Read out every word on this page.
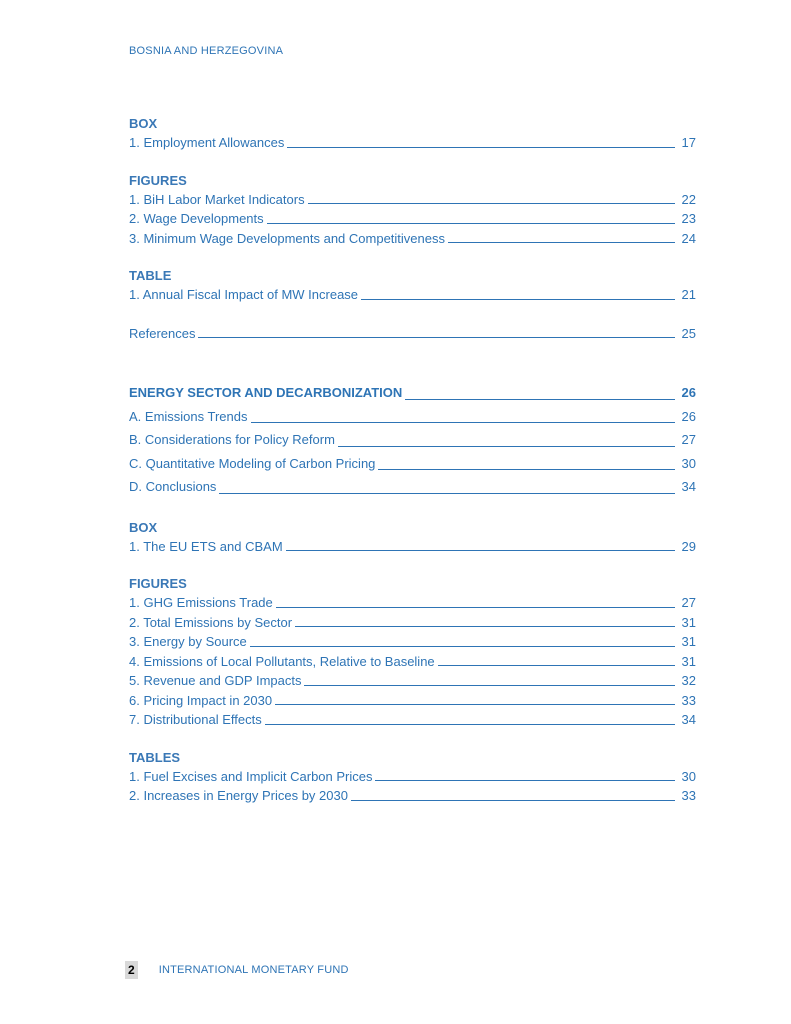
BOSNIA AND HERZEGOVINA
BOX
1. Employment Allowances	17
FIGURES
1. BiH Labor Market Indicators	22
2. Wage Developments	23
3. Minimum Wage Developments and Competitiveness	24
TABLE
1. Annual Fiscal Impact of MW Increase	21
References	25
ENERGY SECTOR AND DECARBONIZATION	26
A. Emissions Trends	26
B. Considerations for Policy Reform	27
C. Quantitative Modeling of Carbon Pricing	30
D. Conclusions	34
BOX
1. The EU ETS and CBAM	29
FIGURES
1. GHG Emissions Trade	27
2. Total Emissions by Sector	31
3. Energy by Source	31
4. Emissions of Local Pollutants, Relative to Baseline	31
5. Revenue and GDP Impacts	32
6. Pricing Impact in 2030	33
7. Distributional Effects	34
TABLES
1. Fuel Excises and Implicit Carbon Prices	30
2. Increases in Energy Prices by 2030	33
2 INTERNATIONAL MONETARY FUND
